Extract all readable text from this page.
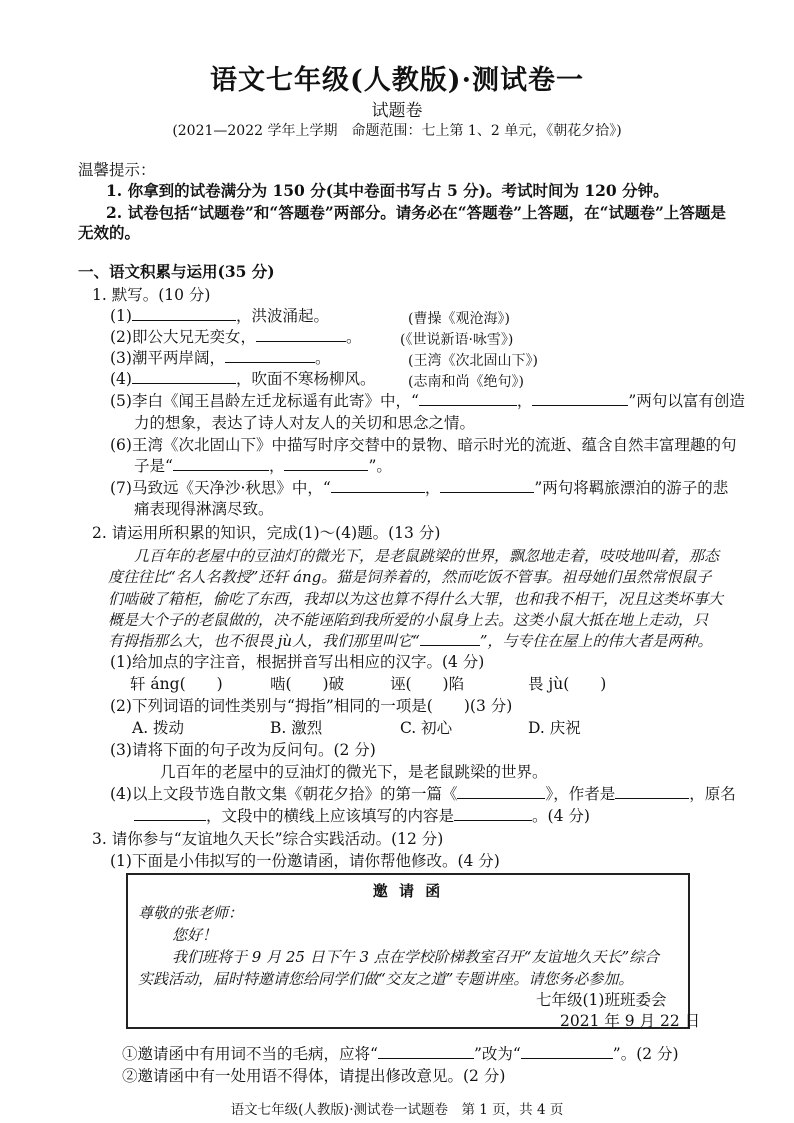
语文七年级(人教版)·测试卷一
试题卷
(2021—2022 学年上学期　命题范围：七上第 1、2 单元，《朝花夕拾》)
温馨提示：
1. 你拿到的试卷满分为 150 分(其中卷面书写占 5 分)。考试时间为 120 分钟。
2. 试卷包括“试题卷”和“答题卷”两部分。请务必在“答题卷”上答题，在“试题卷”上答题是
无效的。
一、语文积累与运用(35 分)
1. 默写。(10 分)
(1)	，洪波涌起。	(曹操《观沧海》)
(2)即公大兄无奕女，	。	(《世说新语·咏雪》)
(3)潮平两岸阔，	。	(王湾《次北固山下》)
(4)	，吹面不寒杨柳风。 (志南和尚《绝句》)
(5)李白《闻王昌龄左迁龙标遥有此寄》中，“	，	”两句以富有创造
力的想象，表达了诗人对友人的关切和思念之情。
(6)王湾《次北固山下》中描写时序交替中的景物、暗示时光的流逝、蕴含自然丰富理趣的句
子是“	，	”。
(7)马致远《天净沙·秋思》中，“	，	”两句将羁旅漂泊的游子的悲
痛表现得淋漓尽致。
2. 请运用所积累的知识，完成(1)～(4)题。(13 分)
几百年的老屋中的豆油灯的微光下，是老鼠跳梁的世界，飘忽地走着，吱吱地叫着，那态
度往往比“名人名教授”还轩 áng。猫是饲养着的，然而吃饭不管事。祖母她们虽然常恨鼠子
们啮破了箱柜，偷吃了东西，我却以为这也算不得什么大罪，也和我不相干，况且这类坏事大
概是大个子的老鼠做的，决不能诬陷到我所爱的小鼠身上去。这类小鼠大抵在地上走动，只
有拇指那么大，也不很畏 jù人，我们那里叫它“	”，与专住在屋上的伟大者是两种。
(1)给加点的字注音，根据拼音写出相应的汉字。(4 分)
轩 áng(　　)	啮(　　)破	诬(　　)陷	畏 jù(　　)
(2)下列词语的词性类别与“拇指”相同的一项是(　　)(3 分)
A. 拨动	B. 激烈	C. 初心	D. 庆祝
(3)请将下面的句子改为反问句。(2 分)
几百年的老屋中的豆油灯的微光下，是老鼠跳梁的世界。
(4)以上文段节选自散文集《朝花夕拾》的第一篇《	》，作者是	，原名
，文段中的横线上应该填写的内容是	。(4 分)
3. 请你参与“友谊地久天长”综合实践活动。(12 分)
(1)下面是小伟拟写的一份邀请函，请你帮他修改。(4 分)
邀 请 函
尊敬的张老师：
您好！
我们班将于 9 月 25 日下午 3 点在学校阶梯教室召开“友谊地久天长”综合
实践活动，届时特邀请您给同学们做“交友之道”专题讲座。请您务必参加。
七年级(1)班班委会
2021 年 9 月 22 日
①邀请函中有用词不当的毛病，应将“	”改为“	”。(2 分)
②邀请函中有一处用语不得体，请提出修改意见。(2 分)
语文七年级(人教版)·测试卷一试题卷　第 1 页，共 4 页
